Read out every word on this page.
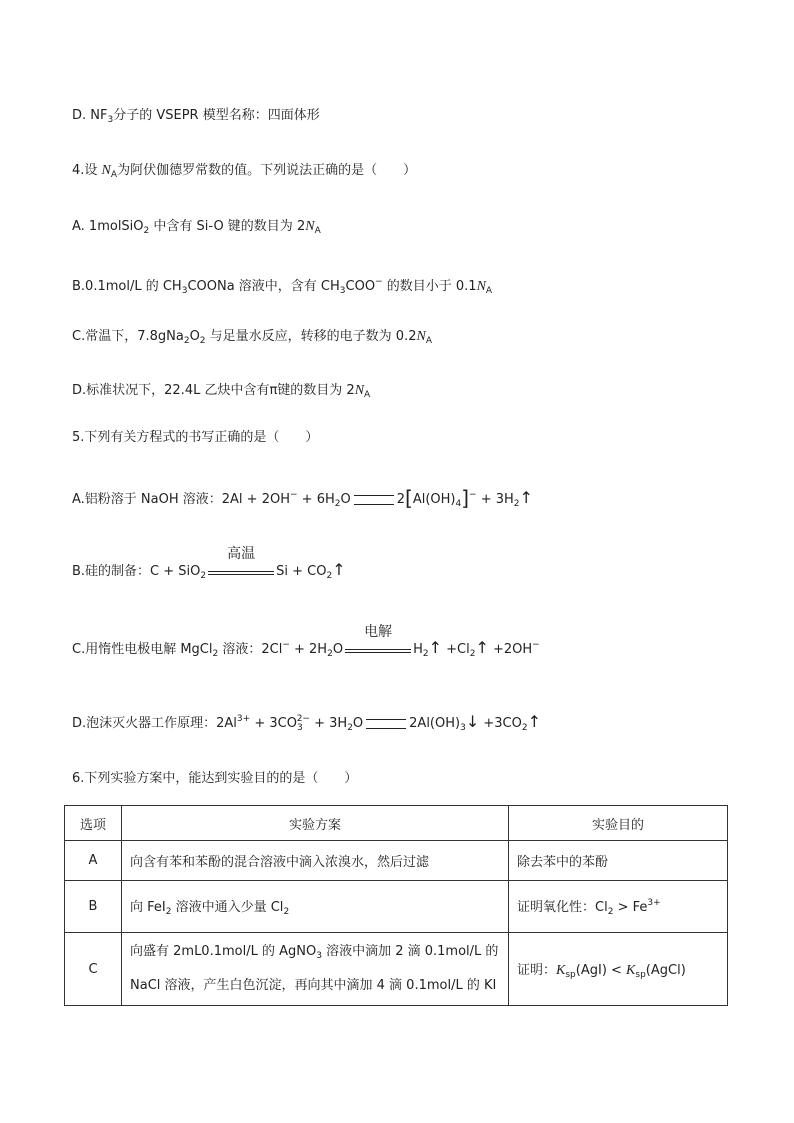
D. $NF_3$分子的 VSEPR 模型名称：四面体形
4.设 $N_A$为阿伏伽德罗常数的值。下列说法正确的是（　　）
A. 1molSiO$_2$ 中含有 Si-O 键的数目为 $2N_A$
B.0.1mol/L 的 $CH_3COONa$ 溶液中，含有 $CH_3COO^-$ 的数目小于 $0.1N_A$
C.常温下，$7.8gNa_2O_2$ 与足量水反应，转移的电子数为 $0.2N_A$
D.标准状况下，22.4L 乙炔中含有π键的数目为 $2N_A$
5.下列有关方程式的书写正确的是（　　）
A.铝粉溶于 NaOH 溶液：$2Al + 2OH^- + 6H_2O$	$2[Al(OH)_4]^-$ + $3H_2↑$
B.硅的制备：C + SiO$_2$
高温
$Si + CO_2↑$
C.用惰性电极电解 MgCl$_2$ 溶液：$2Cl^- + 2H_2O$
电解
$H_2↑$ $+Cl_2↑ +2OH^-$
D.泡沫灭火器工作原理：$2Al^{3+} + 3CO_3^{2-} + 3H_2O$	$2Al(OH)_3↓$ $+3CO_2↑$
6.下列实验方案中，能达到实验目的的是（　　）
选项	实验方案	实验目的
A	向含有苯和苯酚的混合溶液中滴入浓溴水，然后过滤	除去苯中的苯酚
B	向 FeI$_2$ 溶液中通入少量 $Cl_2$	证明氧化性：$Cl_2 > Fe^{3+}$
C	向盛有 2mL0.1mol/L 的 AgNO$_3$ 溶液中滴加 2 滴 0.1mol/L 的
NaCl 溶液，产生白色沉淀，再向其中滴加 4 滴 0.1mol/L 的 KI	证明：$K_{sp}(AgI)$ < $K_{sp}(AgCl)$
